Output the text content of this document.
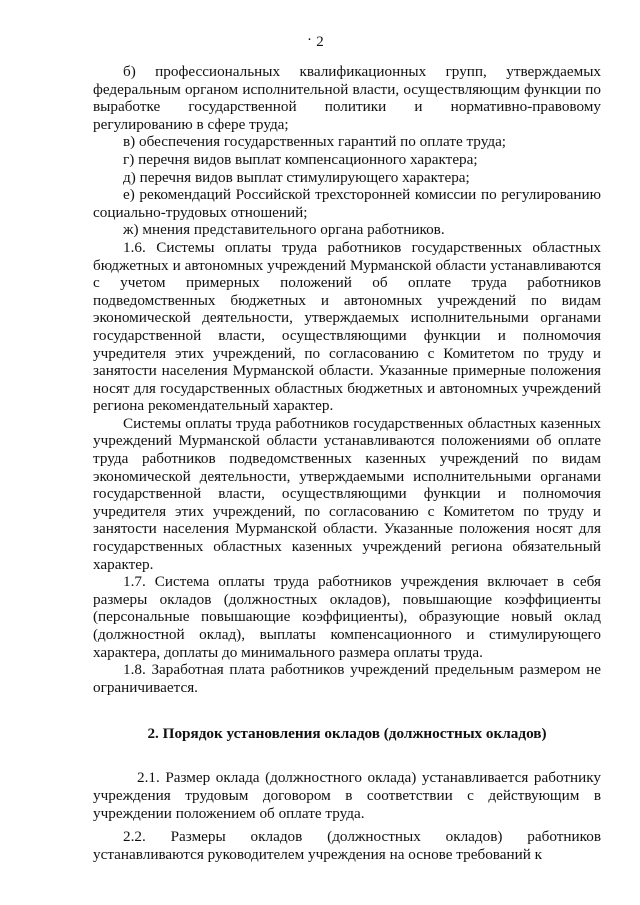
· 2

б) профессиональных квалификационных групп, утверждаемых федеральным органом исполнительной власти, осуществляющим функции по выработке государственной политики и нормативно-правовому регулированию в сфере труда;

в) обеспечения государственных гарантий по оплате труда;

г) перечня видов выплат компенсационного характера;

д) перечня видов выплат стимулирующего характера;

е) рекомендаций Российской трехсторонней комиссии по регулированию социально-трудовых отношений;

ж) мнения представительного органа работников.

1.6. Системы оплаты труда работников государственных областных бюджетных и автономных учреждений Мурманской области устанавливаются с учетом примерных положений об оплате труда работников подведомственных бюджетных и автономных учреждений по видам экономической деятельности, утверждаемых исполнительными органами государственной власти, осуществляющими функции и полномочия учредителя этих учреждений, по согласованию с Комитетом по труду и занятости населения Мурманской области. Указанные примерные положения носят для государственных областных бюджетных и автономных учреждений региона рекомендательный характер.

Системы оплаты труда работников государственных областных казенных учреждений Мурманской области устанавливаются положениями об оплате труда работников подведомственных казенных учреждений по видам экономической деятельности, утверждаемыми исполнительными органами государственной власти, осуществляющими функции и полномочия учредителя этих учреждений, по согласованию с Комитетом по труду и занятости населения Мурманской области. Указанные положения носят для государственных областных казенных учреждений региона обязательный характер.

1.7. Система оплаты труда работников учреждения включает в себя размеры окладов (должностных окладов), повышающие коэффициенты (персональные повышающие коэффициенты), образующие новый оклад (должностной оклад), выплаты компенсационного и стимулирующего характера, доплаты до минимального размера оплаты труда.

1.8. Заработная плата работников учреждений предельным размером не ограничивается.

2. Порядок установления окладов (должностных окладов)

2.1. Размер оклада (должностного оклада) устанавливается работнику учреждения трудовым договором в соответствии с действующим в учреждении положением об оплате труда.

2.2. Размеры окладов (должностных окладов) работников устанавливаются руководителем учреждения на основе требований к
